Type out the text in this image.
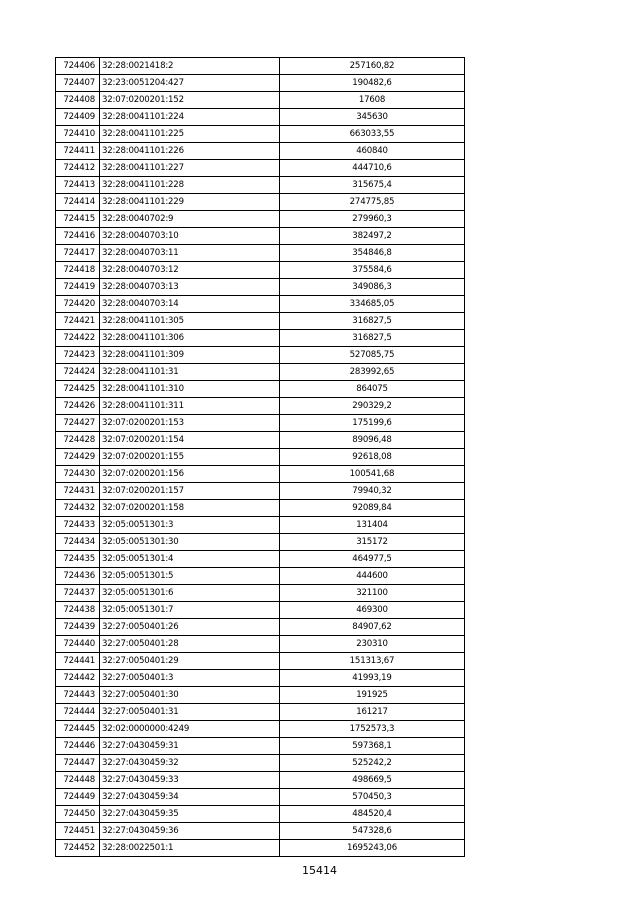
724406	32:28:0021418:2	257160,82
724407	32:23:0051204:427	190482,6
724408	32:07:0200201:152	17608
724409	32:28:0041101:224	345630
724410	32:28:0041101:225	663033,55
724411	32:28:0041101:226	460840
724412	32:28:0041101:227	444710,6
724413	32:28:0041101:228	315675,4
724414	32:28:0041101:229	274775,85
724415	32:28:0040702:9	279960,3
724416	32:28:0040703:10	382497,2
724417	32:28:0040703:11	354846,8
724418	32:28:0040703:12	375584,6
724419	32:28:0040703:13	349086,3
724420	32:28:0040703:14	334685,05
724421	32:28:0041101:305	316827,5
724422	32:28:0041101:306	316827,5
724423	32:28:0041101:309	527085,75
724424	32:28:0041101:31	283992,65
724425	32:28:0041101:310	864075
724426	32:28:0041101:311	290329,2
724427	32:07:0200201:153	175199,6
724428	32:07:0200201:154	89096,48
724429	32:07:0200201:155	92618,08
724430	32:07:0200201:156	100541,68
724431	32:07:0200201:157	79940,32
724432	32:07:0200201:158	92089,84
724433	32:05:0051301:3	131404
724434	32:05:0051301:30	315172
724435	32:05:0051301:4	464977,5
724436	32:05:0051301:5	444600
724437	32:05:0051301:6	321100
724438	32:05:0051301:7	469300
724439	32:27:0050401:26	84907,62
724440	32:27:0050401:28	230310
724441	32:27:0050401:29	151313,67
724442	32:27:0050401:3	41993,19
724443	32:27:0050401:30	191925
724444	32:27:0050401:31	161217
724445	32:02:0000000:4249	1752573,3
724446	32:27:0430459:31	597368,1
724447	32:27:0430459:32	525242,2
724448	32:27:0430459:33	498669,5
724449	32:27:0430459:34	570450,3
724450	32:27:0430459:35	484520,4
724451	32:27:0430459:36	547328,6
724452	32:28:0022501:1	1695243,06
15414
